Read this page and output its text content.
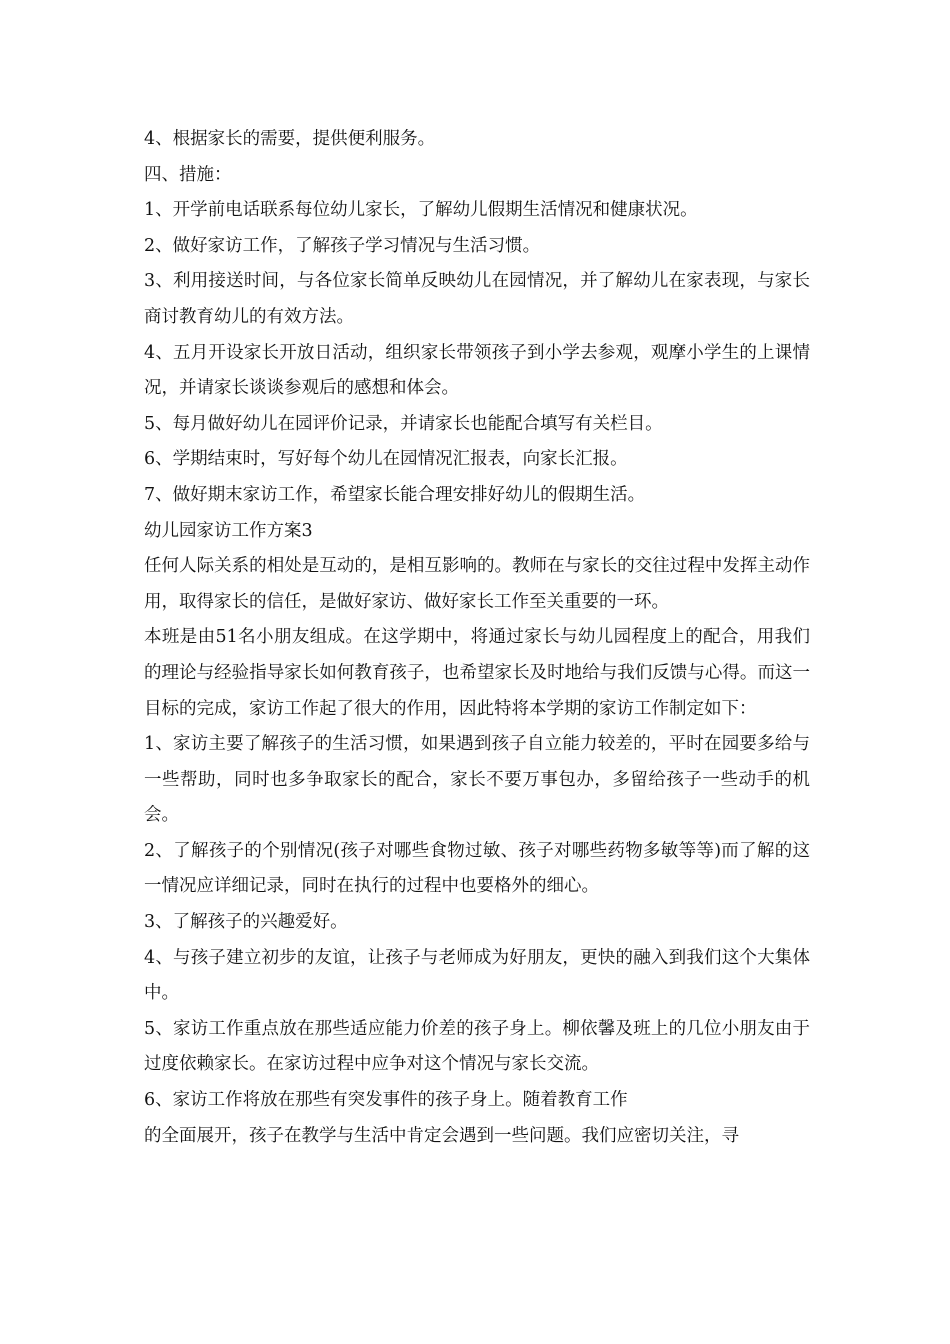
4、根据家长的需要，提供便利服务。

四、措施：

1、开学前电话联系每位幼儿家长，了解幼儿假期生活情况和健康状况。

2、做好家访工作，了解孩子学习情况与生活习惯。

3、利用接送时间，与各位家长简单反映幼儿在园情况，并了解幼儿在家表现，与家长商讨教育幼儿的有效方法。

4、五月开设家长开放日活动，组织家长带领孩子到小学去参观，观摩小学生的上课情况，并请家长谈谈参观后的感想和体会。

5、每月做好幼儿在园评价记录，并请家长也能配合填写有关栏目。

6、学期结束时，写好每个幼儿在园情况汇报表，向家长汇报。

7、做好期末家访工作，希望家长能合理安排好幼儿的假期生活。

幼儿园家访工作方案3

任何人际关系的相处是互动的，是相互影响的。教师在与家长的交往过程中发挥主动作用，取得家长的信任，是做好家访、做好家长工作至关重要的一环。

本班是由51名小朋友组成。在这学期中，将通过家长与幼儿园程度上的配合，用我们的理论与经验指导家长如何教育孩子，也希望家长及时地给与我们反馈与心得。而这一目标的完成，家访工作起了很大的作用，因此特将本学期的家访工作制定如下：

1、家访主要了解孩子的生活习惯，如果遇到孩子自立能力较差的，平时在园要多给与一些帮助，同时也多争取家长的配合，家长不要万事包办，多留给孩子一些动手的机会。

2、了解孩子的个别情况(孩子对哪些食物过敏、孩子对哪些药物多敏等等)而了解的这一情况应详细记录，同时在执行的过程中也要格外的细心。

3、了解孩子的兴趣爱好。

4、与孩子建立初步的友谊，让孩子与老师成为好朋友，更快的融入到我们这个大集体中。

5、家访工作重点放在那些适应能力价差的孩子身上。柳依馨及班上的几位小朋友由于过度依赖家长。在家访过程中应争对这个情况与家长交流。

6、家访工作将放在那些有突发事件的孩子身上。随着教育工作

的全面展开，孩子在教学与生活中肯定会遇到一些问题。我们应密切关注，寻
